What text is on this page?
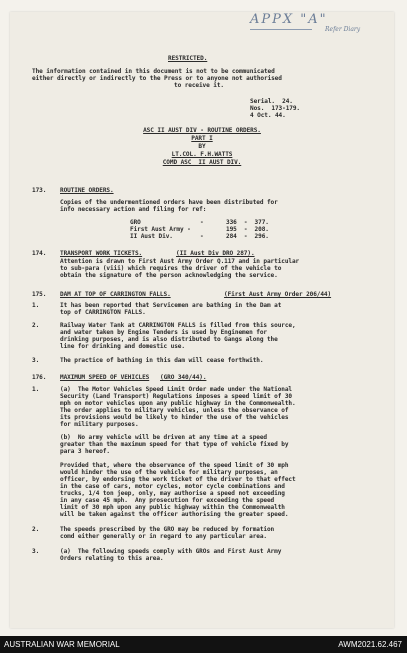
APPX "A"
Refer Diary
RESTRICTED.
The information contained in this document is not to be communicated
either directly or indirectly to the Press or to anyone not authorised
to receive it.
Serial.  24.
Nos.  173-179.
4 Oct. 44.
ASC II AUST DIV - ROUTINE ORDERS.
PART I
BY
LT.COL. F.H.WATTS
COMD ASC  II AUST DIV.
173. ROUTINE ORDERS.
Copies of the undermentioned orders have been distributed for
info necessary action and filing for ref:
GRO	-	336  -  377.
First Aust Army -	195  -  208.
II Aust Div.	-	284  -  296.
174. TRANSPORT WORK TICKETS.	(II Aust Div DRO 287).
Attention is drawn to First Aust Army Order Q.117 and in particular
to sub-para (viii) which requires the driver of the vehicle to
obtain the signature of the person acknowledging the service.
175. DAM AT TOP OF CARRINGTON FALLS.	(First Aust Army Order 206/44)
1.	It has been reported that Servicemen are bathing in the Dam at
top of CARRINGTON FALLS.
2.	Railway Water Tank at CARRINGTON FALLS is filled from this source,
and water taken by Engine Tenders is used by Enginemen for
drinking purposes, and is also distributed to Gangs along the
line for drinking and domestic use.
3.	The practice of bathing in this dam will cease forthwith.
176. MAXIMUM SPEED OF VEHICLES (GRO 340/44).
1.	(a)  The Motor Vehicles Speed Limit Order made under the National
Security (Land Transport) Regulations imposes a speed limit of 30
mph on motor vehicles upon any public highway in the Commonwealth.
The order applies to military vehicles, unless the observance of
its provisions would be likely to hinder the use of the vehicles
for military purposes.
(b)  No army vehicle will be driven at any time at a speed
greater than the maximum speed for that type of vehicle fixed by
para 3 hereof.
Provided that, where the observance of the speed limit of 30 mph
would hinder the use of the vehicle for military purposes, an
officer, by endorsing the work ticket of the driver to that effect
in the case of cars, motor cycles, motor cycle combinations and
trucks, 1/4 ton jeep, only, may authorise a speed not exceeding
in any case 45 mph.  Any prosecution for exceeding the speed
limit of 30 mph upon any public highway within the Commonwealth
will be taken against the officer authorising the greater speed.
2.	The speeds prescribed by the GRO may be reduced by formation
comd either generally or in regard to any particular area.
3.	(a)  The following speeds comply with GROs and First Aust Army
Orders relating to this area.
AUSTRALIAN WAR MEMORIAL	AWM2021.62.467
